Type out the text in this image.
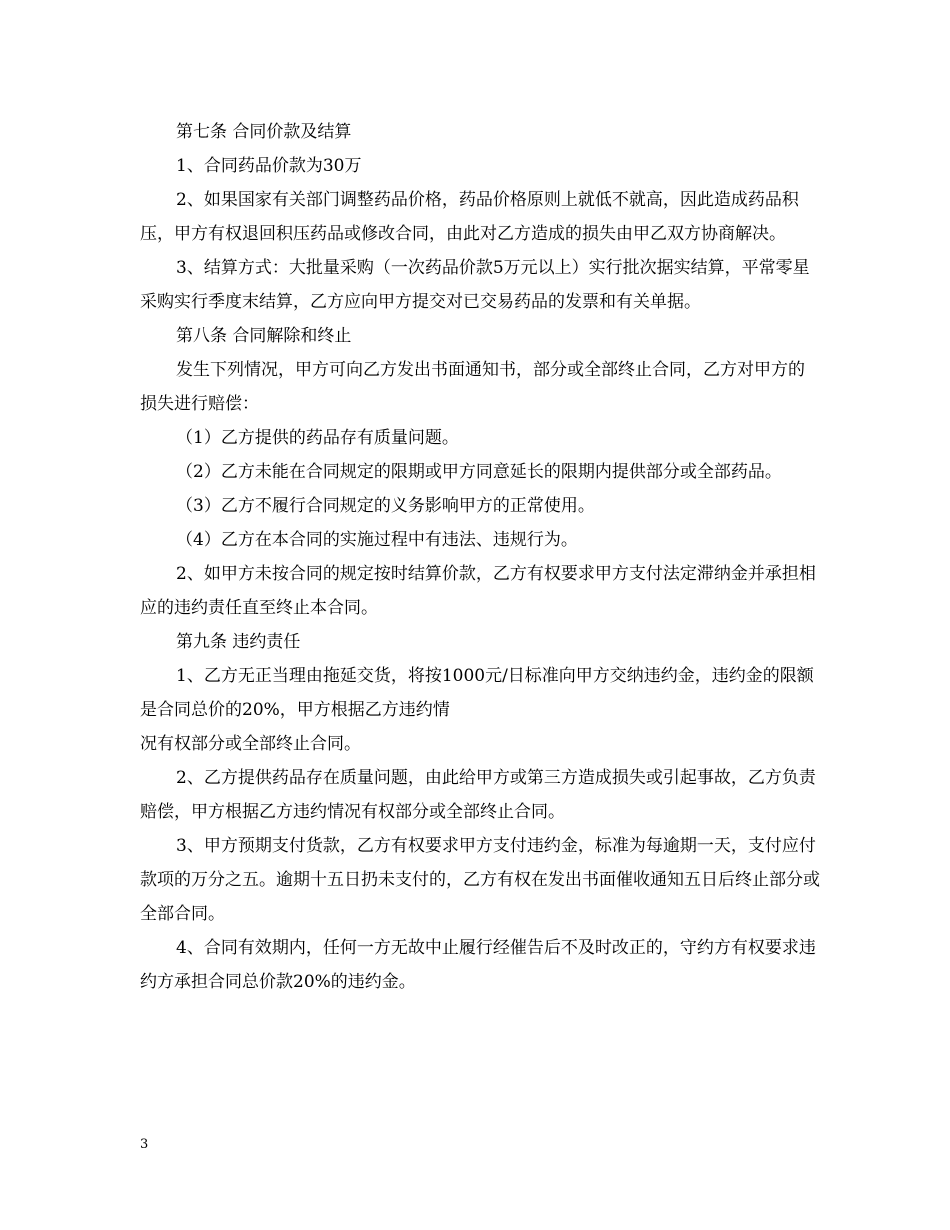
第七条 合同价款及结算

1、合同药品价款为30万

2、如果国家有关部门调整药品价格，药品价格原则上就低不就高，因此造成药品积压，甲方有权退回积压药品或修改合同，由此对乙方造成的损失由甲乙双方协商解决。

3、结算方式：大批量采购（一次药品价款5万元以上）实行批次据实结算，平常零星采购实行季度末结算，乙方应向甲方提交对已交易药品的发票和有关单据。

第八条 合同解除和终止

发生下列情况，甲方可向乙方发出书面通知书，部分或全部终止合同，乙方对甲方的损失进行赔偿：

（1）乙方提供的药品存有质量问题。

（2）乙方未能在合同规定的限期或甲方同意延长的限期内提供部分或全部药品。

（3）乙方不履行合同规定的义务影响甲方的正常使用。

（4）乙方在本合同的实施过程中有违法、违规行为。

2、如甲方未按合同的规定按时结算价款，乙方有权要求甲方支付法定滞纳金并承担相应的违约责任直至终止本合同。

第九条 违约责任

1、乙方无正当理由拖延交货，将按1000元/日标准向甲方交纳违约金，违约金的限额是合同总价的20%，甲方根据乙方违约情

况有权部分或全部终止合同。

2、乙方提供药品存在质量问题，由此给甲方或第三方造成损失或引起事故，乙方负责赔偿，甲方根据乙方违约情况有权部分或全部终止合同。

3、甲方预期支付货款，乙方有权要求甲方支付违约金，标准为每逾期一天，支付应付款项的万分之五。逾期十五日扔未支付的，乙方有权在发出书面催收通知五日后终止部分或全部合同。

4、合同有效期内，任何一方无故中止履行经催告后不及时改正的，守约方有权要求违约方承担合同总价款20%的违约金。

3
